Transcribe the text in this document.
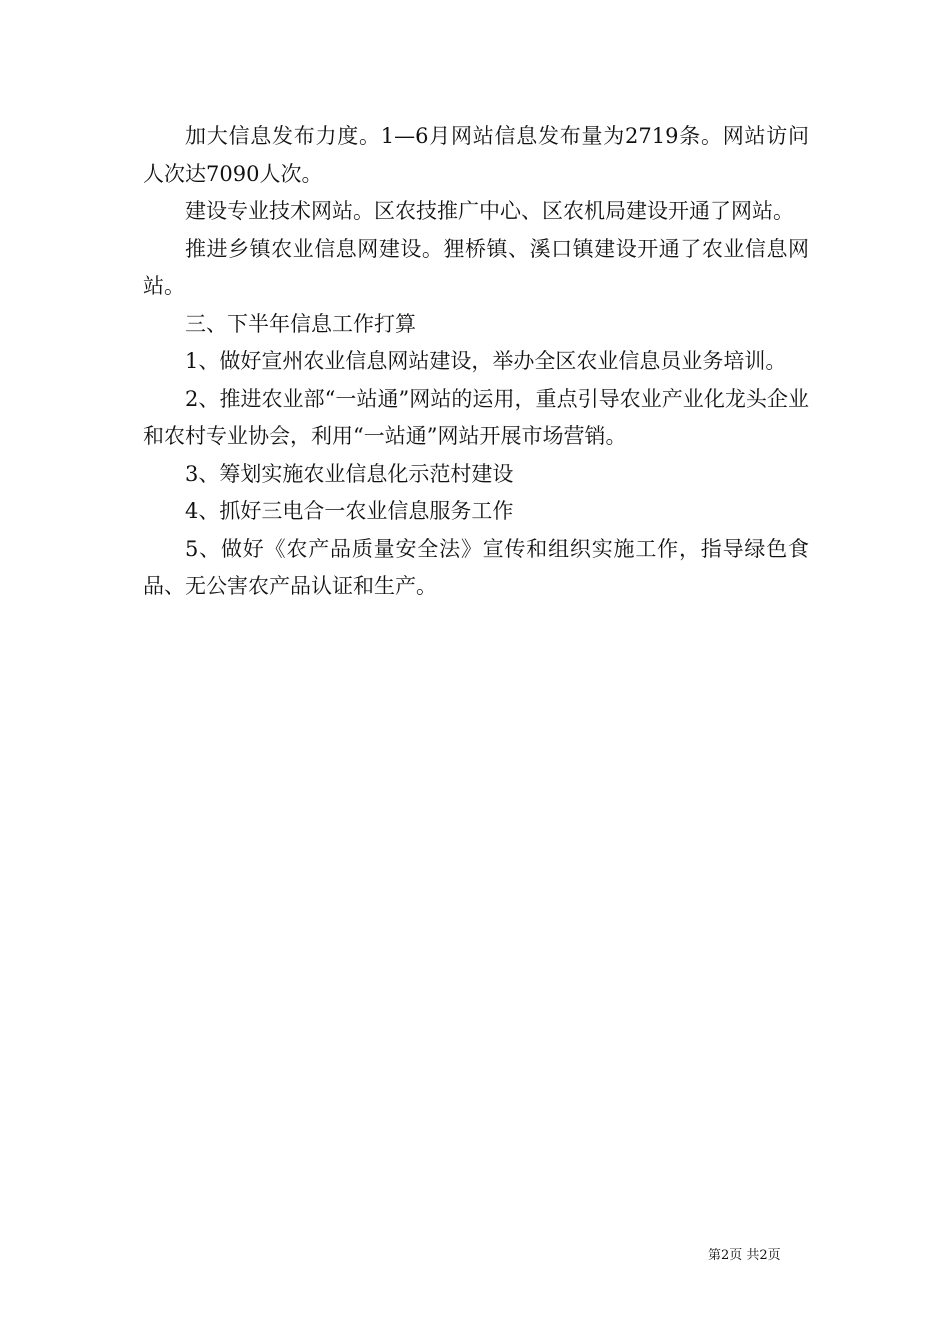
加大信息发布力度。1—6月网站信息发布量为2719条。网站访问人次达7090人次。

建设专业技术网站。区农技推广中心、区农机局建设开通了网站。

推进乡镇农业信息网建设。狸桥镇、溪口镇建设开通了农业信息网站。

三、下半年信息工作打算

1、做好宣州农业信息网站建设，举办全区农业信息员业务培训。

2、推进农业部“一站通”网站的运用，重点引导农业产业化龙头企业和农村专业协会，利用“一站通”网站开展市场营销。

3、筹划实施农业信息化示范村建设

4、抓好三电合一农业信息服务工作

5、做好《农产品质量安全法》宣传和组织实施工作，指导绿色食品、无公害农产品认证和生产。

第2页 共2页
